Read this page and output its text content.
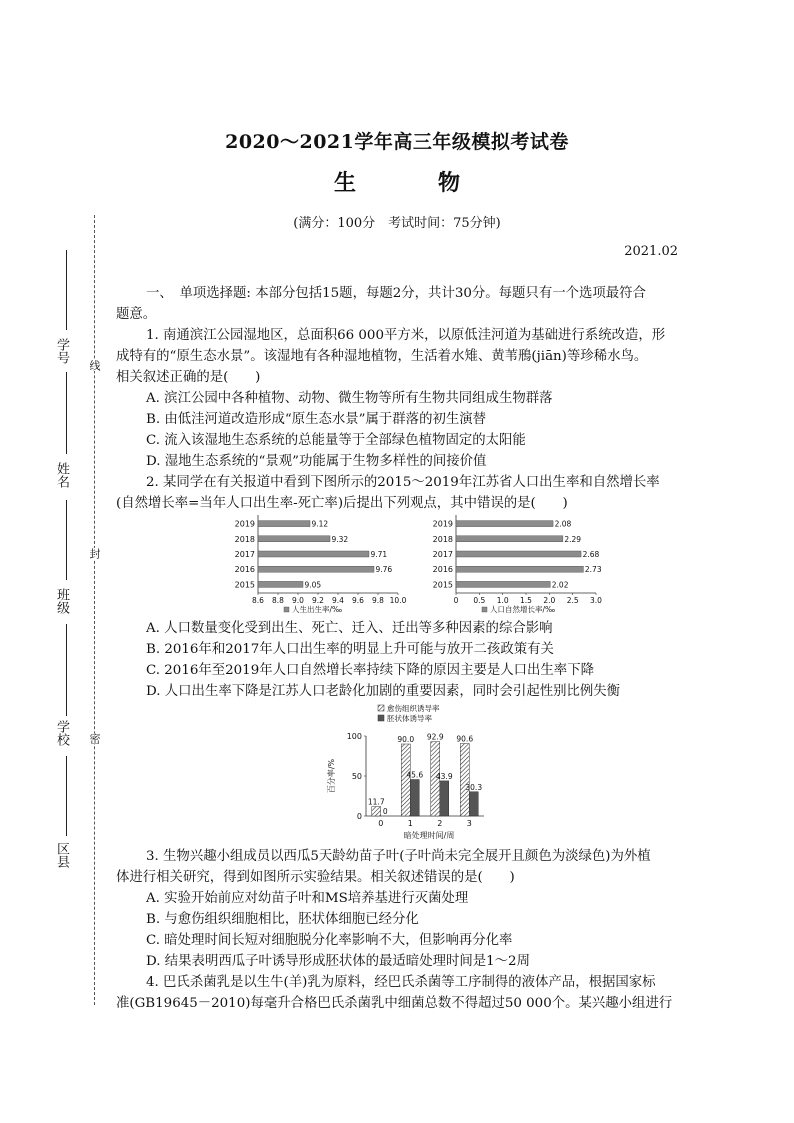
学号
姓名
班级
学校
区县
线
封
密
2020～2021学年高三年级模拟考试卷
生　物
(满分：100分　考试时间：75分钟)
2021.02
一、　单项选择题: 本部分包括15题，每题2分，共计30分。每题只有一个选项最符合
题意。
1. 南通滨江公园湿地区，总面积66 000平方米，以原低洼河道为基础进行系统改造，形
成特有的“原生态水景”。该湿地有各种湿地植物，生活着水雉、黄苇鳽(jiān)等珍稀水鸟。
相关叙述正确的是(　　)
A. 滨江公园中各种植物、动物、微生物等所有生物共同组成生物群落
B. 由低洼河道改造形成“原生态水景”属于群落的初生演替
C. 流入该湿地生态系统的总能量等于全部绿色植物固定的太阳能
D. 湿地生态系统的“景观”功能属于生物多样性的间接价值
2. 某同学在有关报道中看到下图所示的2015～2019年江苏省人口出生率和自然增长率
(自然增长率=当年人口出生率-死亡率)后提出下列观点，其中错误的是(　　)
2019	9.12
2018	9.32
2017	9.71
2016	9.76
2015	9.05
8.6 8.8 9.0 9.2 9.4 9.6 9.8 10.0
人生出生率/‰
2019	2.08
2018	2.29
2017	2.68
2016	2.73
2015	2.02
0 0.5 1.0 1.5 2.0 2.5 3.0
人口自然增长率/‰
A. 人口数量变化受到出生、死亡、迁入、迁出等多种因素的综合影响
B. 2016年和2017年人口出生率的明显上升可能与放开二孩政策有关
C. 2016年至2019年人口自然增长率持续下降的原因主要是人口出生率下降
D. 人口出生率下降是江苏人口老龄化加剧的重要因素，同时会引起性别比例失衡
愈伤组织诱导率
胚状体诱导率
0
50
100
百分率/%
11.7
0
0
90.0
45.6
1
92.9
43.9
2
90.6
30.3
3
暗处理时间/周
3. 生物兴趣小组成员以西瓜5天龄幼苗子叶(子叶尚未完全展开且颜色为淡绿色)为外植
体进行相关研究，得到如图所示实验结果。相关叙述错误的是(　　)
A. 实验开始前应对幼苗子叶和MS培养基进行灭菌处理
B. 与愈伤组织细胞相比，胚状体细胞已经分化
C. 暗处理时间长短对细胞脱分化率影响不大，但影响再分化率
D. 结果表明西瓜子叶诱导形成胚状体的最适暗处理时间是1～2周
4. 巴氏杀菌乳是以生牛(羊)乳为原料，经巴氏杀菌等工序制得的液体产品，根据国家标
准(GB19645－2010)每毫升合格巴氏杀菌乳中细菌总数不得超过50 000个。某兴趣小组进行
